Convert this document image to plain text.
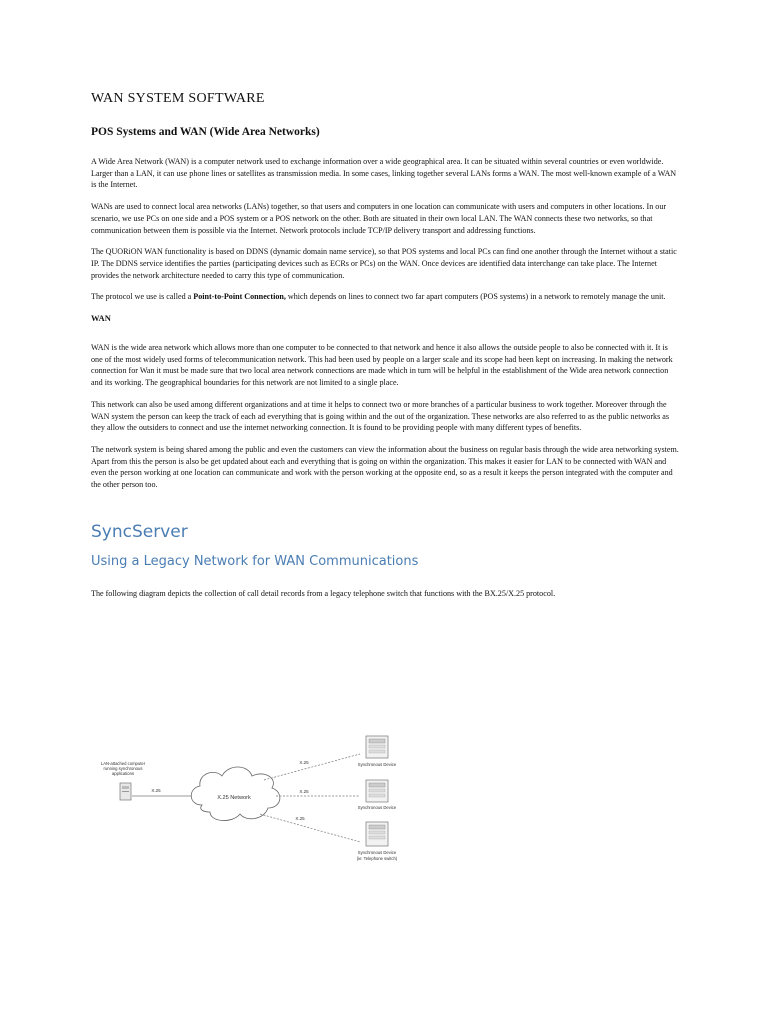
WAN SYSTEM SOFTWARE
POS Systems and WAN (Wide Area Networks)

A Wide Area Network (WAN) is a computer network used to exchange information over a wide geographical area. It can be situated within several countries or even worldwide. Larger than a LAN, it can use phone lines or satellites as transmission media. In some cases, linking together several LANs forms a WAN. The most well-known example of a WAN is the Internet.

WANs are used to connect local area networks (LANs) together, so that users and computers in one location can communicate with users and computers in other locations. In our scenario, we use PCs on one side and a POS system or a POS network on the other. Both are situated in their own local LAN. The WAN connects these two networks, so that communication between them is possible via the Internet. Network protocols include TCP/IP delivery transport and addressing functions.

The QUORiON WAN functionality is based on DDNS (dynamic domain name service), so that POS systems and local PCs can find one another through the Internet without a static IP. The DDNS service identifies the parties (participating devices such as ECRs or PCs) on the WAN. Once devices are identified data interchange can take place. The Internet provides the network architecture needed to carry this type of communication.

The protocol we use is called a Point-to-Point Connection, which depends on lines to connect two far apart computers (POS systems) in a network to remotely manage the unit.

WAN

WAN is the wide area network which allows more than one computer to be connected to that network and hence it also allows the outside people to also be connected with it. It is one of the most widely used forms of telecommunication network. This had been used by people on a larger scale and its scope had been kept on increasing. In making the network connection for Wan it must be made sure that two local area network connections are made which in turn will be helpful in the establishment of the Wide area network connection and its working. The geographical boundaries for this network are not limited to a single place.

This network can also be used among different organizations and at time it helps to connect two or more branches of a particular business to work together. Moreover through the WAN system the person can keep the track of each ad everything that is going within and the out of the organization. These networks are also referred to as the public networks as they allow the outsiders to connect and use the internet networking connection. It is found to be providing people with many different types of benefits.

The network system is being shared among the public and even the customers can view the information about the business on regular basis through the wide area networking system. Apart from this the person is also be get updated about each and everything that is going on within the organization. This makes it easier for LAN to be connected with WAN and even the person working at one location can communicate and work with the person working at the opposite end, so as a result it keeps the person integrated with the computer and the other person too.

SyncServer
Using a Legacy Network for WAN Communications

The following diagram depicts the collection of call detail records from a legacy telephone switch that functions with the BX.25/X.25 protocol.

LAN-attached computer
running synchronous
applications
X.25
X.25 Network
X.25
X.25
X.25
Synchronous Device
Synchronous Device
Synchronous Device
(ie: Telephone switch)
